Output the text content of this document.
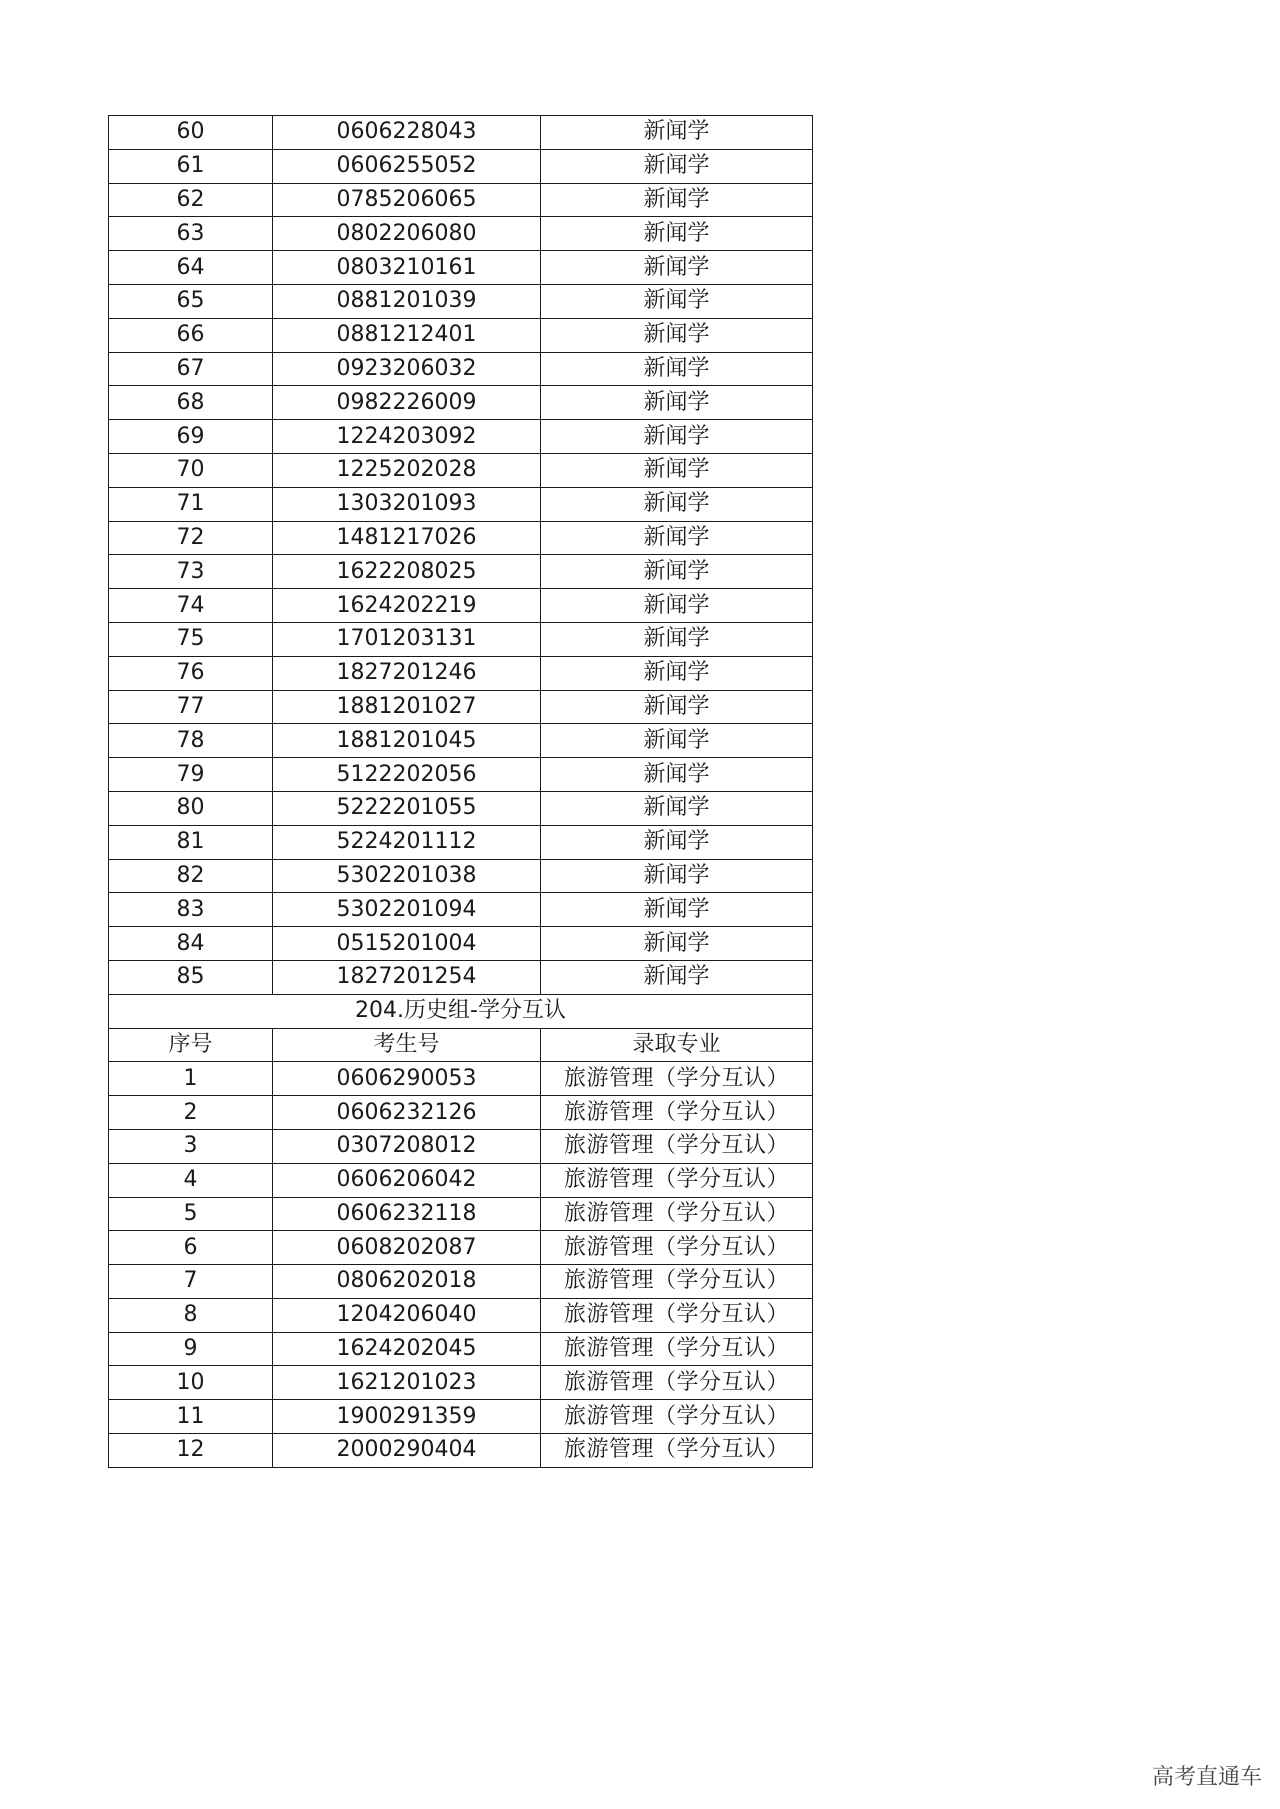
60	0606228043	新闻学
61	0606255052	新闻学
62	0785206065	新闻学
63	0802206080	新闻学
64	0803210161	新闻学
65	0881201039	新闻学
66	0881212401	新闻学
67	0923206032	新闻学
68	0982226009	新闻学
69	1224203092	新闻学
70	1225202028	新闻学
71	1303201093	新闻学
72	1481217026	新闻学
73	1622208025	新闻学
74	1624202219	新闻学
75	1701203131	新闻学
76	1827201246	新闻学
77	1881201027	新闻学
78	1881201045	新闻学
79	5122202056	新闻学
80	5222201055	新闻学
81	5224201112	新闻学
82	5302201038	新闻学
83	5302201094	新闻学
84	0515201004	新闻学
85	1827201254	新闻学
204.历史组-学分互认		
序号	考生号	录取专业
1	0606290053	旅游管理（学分互认）
2	0606232126	旅游管理（学分互认）
3	0307208012	旅游管理（学分互认）
4	0606206042	旅游管理（学分互认）
5	0606232118	旅游管理（学分互认）
6	0608202087	旅游管理（学分互认）
7	0806202018	旅游管理（学分互认）
8	1204206040	旅游管理（学分互认）
9	1624202045	旅游管理（学分互认）
10	1621201023	旅游管理（学分互认）
11	1900291359	旅游管理（学分互认）
12	2000290404	旅游管理（学分互认）
高考直通车
